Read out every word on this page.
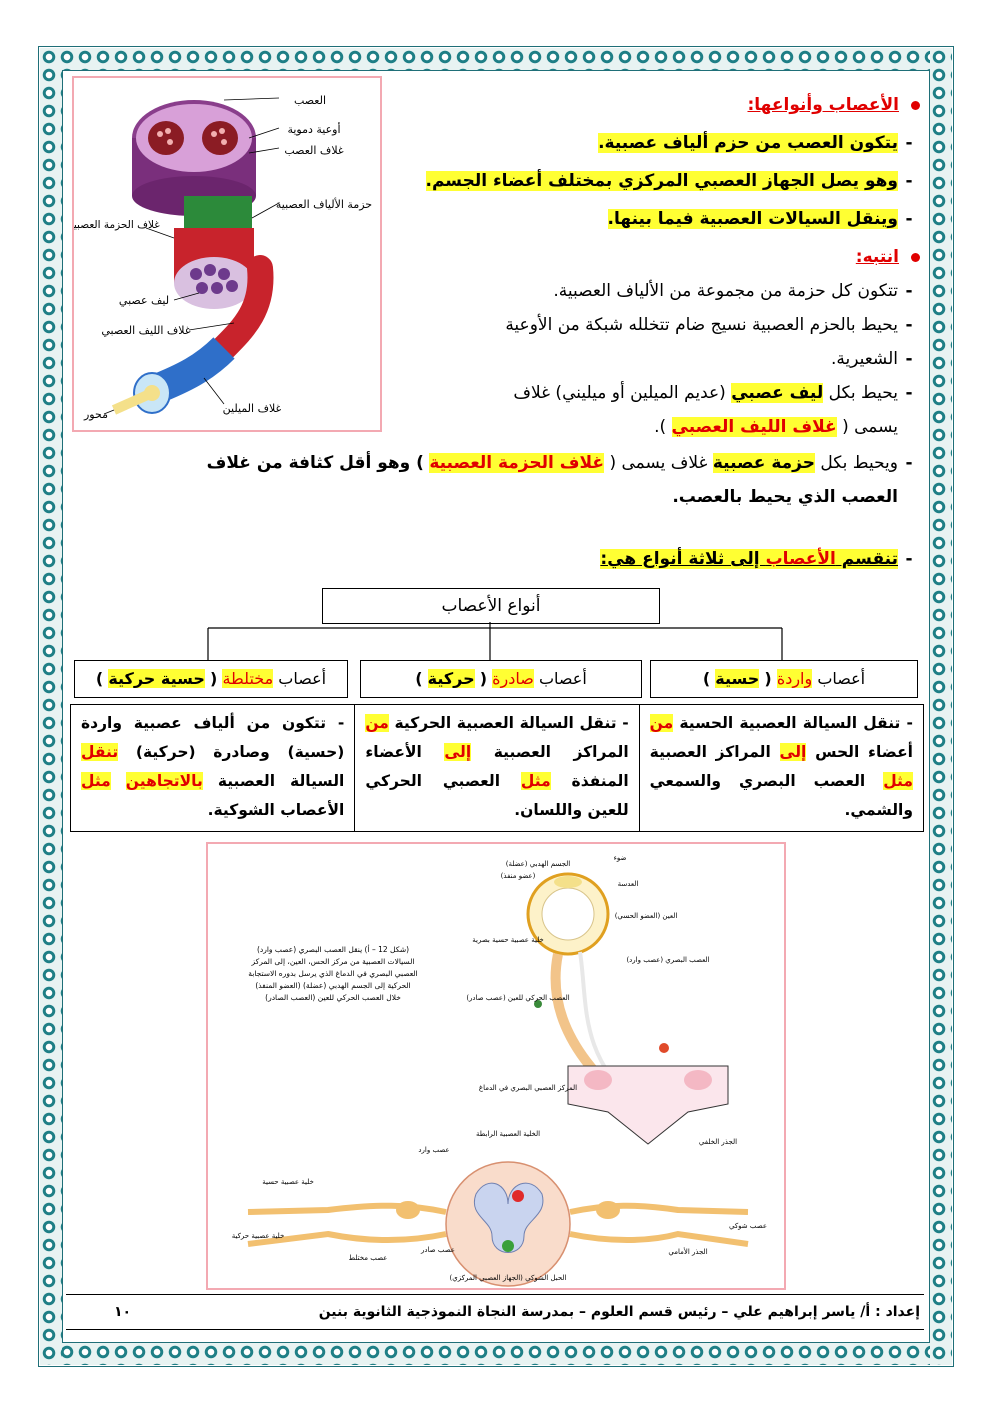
العصب
أوعية دموية
غلاف العصب
حزمة الألياف العصبية
غلاف الحزمة العصبية
ليف عصبي
غلاف الليف العصبي
غلاف الميلين
محور
الأعصاب وأنواعها:
-يتكون العصب من حزم ألياف عصبية.
-وهو يصل الجهاز العصبي المركزي بمختلف أعضاء الجسم.
-وينقل السيالات العصبية فيما بينها.
انتبه:
-تتكون كل حزمة من مجموعة من الألياف العصبية.
-يحيط بالحزم العصبية نسيج ضام تتخلله شبكة من الأوعية
-الشعيرية.
-يحيط بكل ليف عصبي (عديم الميلين أو ميليني) غلاف
يسمى ( غلاف الليف العصبي ).
-ويحيط بكل حزمة عصبية غلاف يسمى ( غلاف الحزمة العصبية ) وهو أقل كثافة من غلاف
العصب الذي يحيط بالعصب.
-تنقسم الأعصاب إلى ثلاثة أنواع هي:
أنواع الأعصاب
أعصاب واردة ( حسية )
أعصاب صادرة ( حركية )
أعصاب مختلطة ( حسية حركية )
- تنقل السيالة العصبية الحسية من أعضاء الحس إلى المراكز العصبية مثل العصب البصري والسمعي والشمي.
- تنقل السيالة العصبية الحركية من المراكز العصبية إلى الأعضاء المنفذة مثل العصبي الحركي للعين واللسان.
- تتكون من ألياف عصبية واردة (حسية) وصادرة (حركية) تنقل السيالة العصبية بالاتجاهين مثل الأعصاب الشوكية.
(شكل 12 – أ) ينقل العصب البصري (عصب وارد) السيالات العصبية من مركز الحس، العين، إلى المركز العصبي البصري في الدماغ الذي يرسل بدوره الاستجابة الحركية إلى الجسم الهدبي (عضلة) (العضو المنفذ) خلال العصب الحركي للعين (العصب الصادر)
الجسم الهدبي (عضلة)
(عضو منفذ)
ضوء
العدسة
العين (العضو الحسي)
خلية عصبية حسية بصرية
العصب البصري (عصب وارد)
العصب الحركي للعين (عصب صادر)
المركز العصبي البصري في الدماغ
الخلية العصبية الرابطة
عصب وارد
الجذر الخلفي
خلية عصبية حسية
خلية عصبية حركية
عصب مختلط
عصب صادر	الجذر الأمامي
عصب شوكي
الحبل الشوكي (الجهاز العصبي المركزي)
إعداد : أ/ ياسر إبراهيم علي – رئيس قسم العلوم – بمدرسة النجاة النموذجية الثانوية بنين
١٠
